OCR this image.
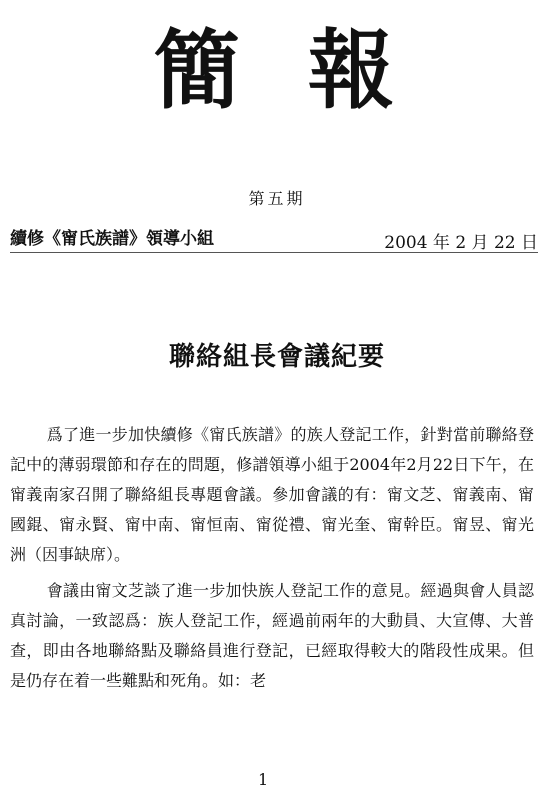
簡報
第五期
續修《甯氏族譜》領導小組	2004 年 2 月 22 日
聯絡組長會議紀要

爲了進一步加快續修《甯氏族譜》的族人登記工作，針對當前聯絡登記中的薄弱環節和存在的問題，修譜領導小組于2004年2月22日下午，在甯義南家召開了聯絡組長專題會議。參加會議的有：甯文芝、甯義南、甯國錕、甯永賢、甯中南、甯恒南、甯從禮、甯光奎、甯幹臣。甯昱、甯光洲（因事缺席）。

會議由甯文芝談了進一步加快族人登記工作的意見。經過與會人員認真討論，一致認爲：族人登記工作，經過前兩年的大動員、大宣傳、大普查，即由各地聯絡點及聯絡員進行登記，已經取得較大的階段性成果。但是仍存在着一些難點和死角。如：老

1
